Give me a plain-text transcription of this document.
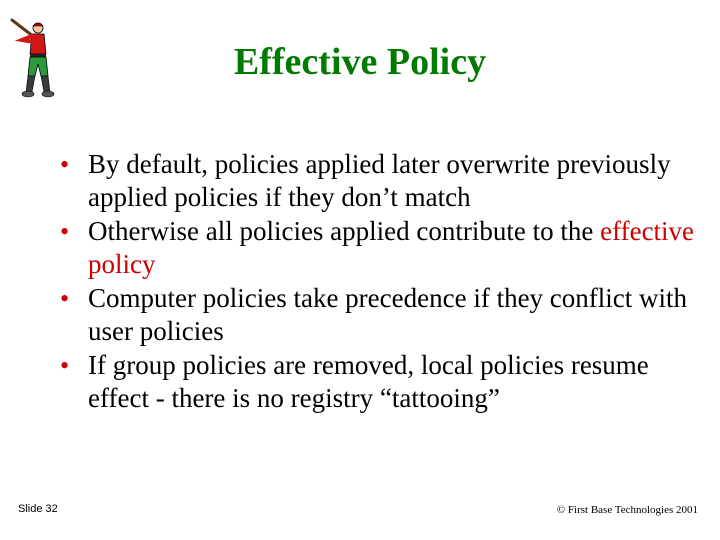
Effective Policy
• By default, policies applied later overwrite previously applied policies if they don’t match
• Otherwise all policies applied contribute to the effective policy
• Computer policies take precedence if they conflict with user policies
• If group policies are removed, local policies resume effect - there is no registry “tattooing”
Slide 32	© First Base Technologies 2001
